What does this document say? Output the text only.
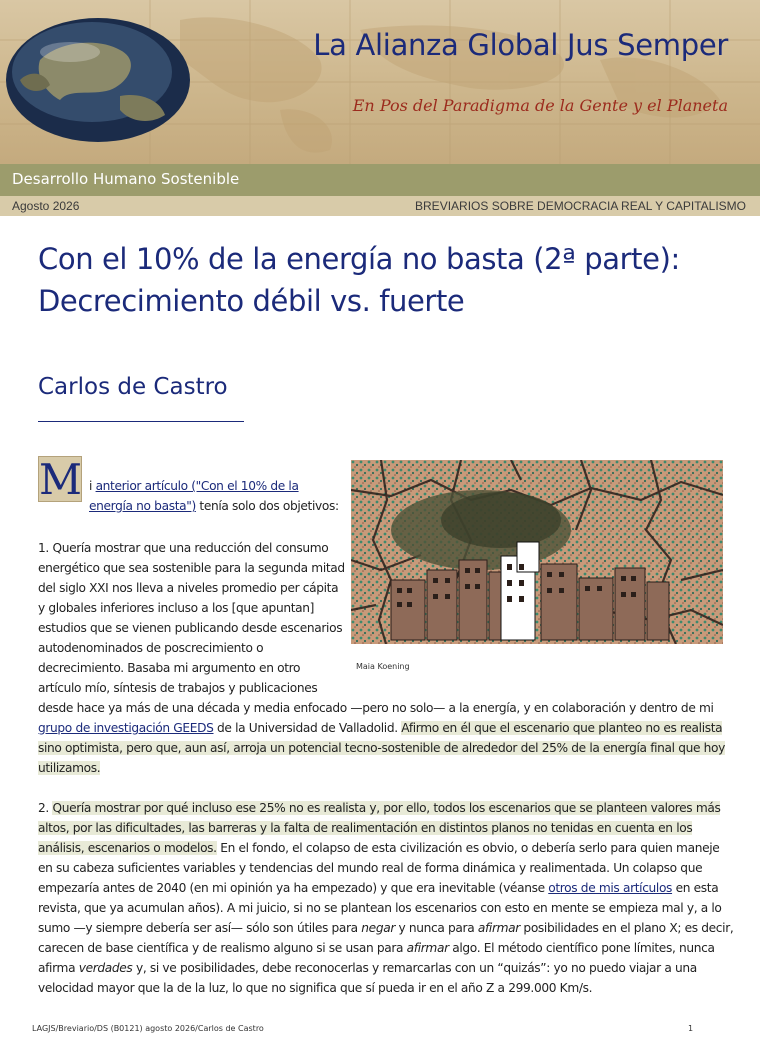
La Alianza Global Jus Semper
En Pos del Paradigma de la Gente y el Planeta
Desarrollo Humano Sostenible
Agosto 2026	BREVIARIOS SOBRE DEMOCRACIA REAL Y CAPITALISMO
Con el 10% de la energía no basta (2ª parte):
Decrecimiento débil vs. fuerte
Carlos de Castro
Maia Koening
M i anterior artículo ("Con el 10% de la
energía no basta") tenía solo dos objetivos:
1. Quería mostrar que una reducción del consumo
energético que sea sostenible para la segunda mitad
del siglo XXI nos lleva a niveles promedio per cápita
y globales inferiores incluso a los [que apuntan]
estudios que se vienen publicando desde escenarios
autodenominados de poscrecimiento o
decrecimiento. Basaba mi argumento en otro
artículo mío, síntesis de trabajos y publicaciones
desde hace ya más de una década y media enfocado —pero no solo— a la energía, y en colaboración y dentro de mi
grupo de investigación GEEDS de la Universidad de Valladolid. Afirmo en él que el escenario que planteo no es realista
sino optimista, pero que, aun así, arroja un potencial tecno-sostenible de alrededor del 25% de la energía final que hoy
utilizamos.
2. Quería mostrar por qué incluso ese 25% no es realista y, por ello, todos los escenarios que se planteen valores más
altos, por las dificultades, las barreras y la falta de realimentación en distintos planos no tenidas en cuenta en los
análisis, escenarios o modelos. En el fondo, el colapso de esta civilización es obvio, o debería serlo para quien maneje
en su cabeza suficientes variables y tendencias del mundo real de forma dinámica y realimentada. Un colapso que
empezaría antes de 2040 (en mi opinión ya ha empezado) y que era inevitable (véanse otros de mis artículos en esta
revista, que ya acumulan años). A mi juicio, si no se plantean los escenarios con esto en mente se empieza mal y, a lo
sumo —y siempre debería ser así— sólo son útiles para negar y nunca para afirmar posibilidades en el plano X; es decir,
carecen de base científica y de realismo alguno si se usan para afirmar algo. El método científico pone límites, nunca
afirma verdades y, si ve posibilidades, debe reconocerlas y remarcarlas con un “quizás”: yo no puedo viajar a una
velocidad mayor que la de la luz, lo que no significa que sí pueda ir en el año Z a 299.000 Km/s.
LAGJS/Breviario/DS (B0121) agosto 2026/Carlos de Castro	1
